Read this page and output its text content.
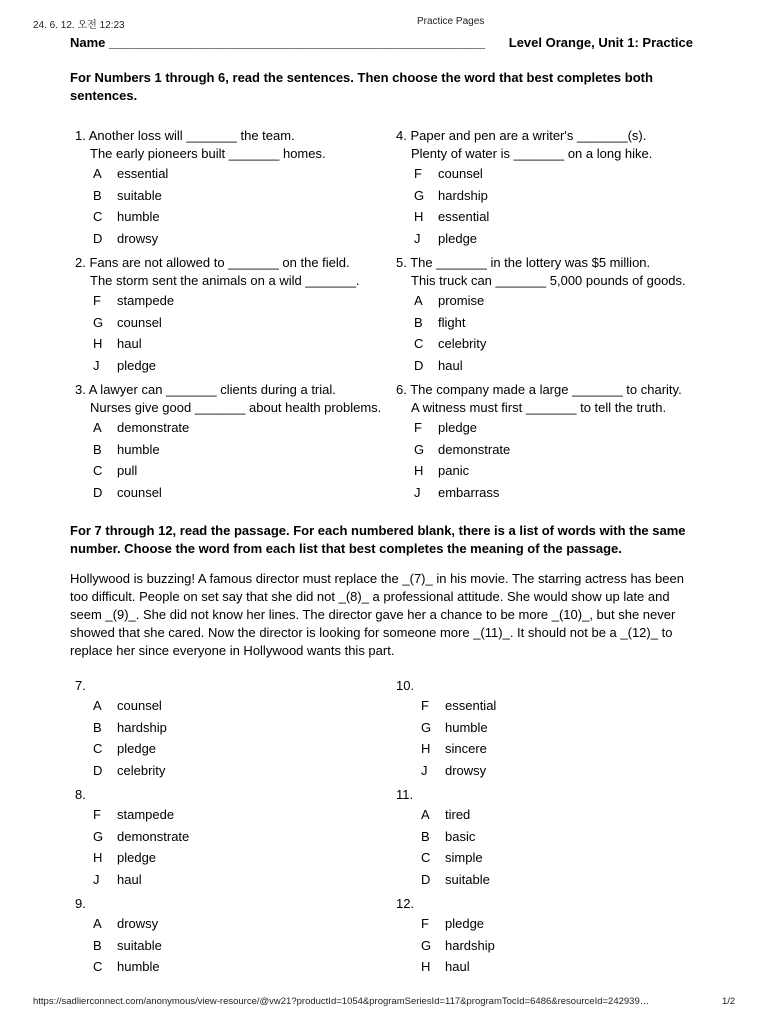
24. 6. 12. 오전 12:23	Practice Pages
Name ____________________________________________________	Level Orange, Unit 1: Practice
For Numbers 1 through 6, read the sentences. Then choose the word that best completes both sentences.
1. Another loss will _______ the team.
The early pioneers built _______ homes.
A essential
B suitable
C humble
D drowsy
2. Fans are not allowed to _______ on the field.
The storm sent the animals on a wild _______.
F stampede
G counsel
H haul
J pledge
3. A lawyer can _______ clients during a trial.
Nurses give good _______ about health problems.
A demonstrate
B humble
C pull
D counsel
4. Paper and pen are a writer's _______(s).
Plenty of water is _______ on a long hike.
F counsel
G hardship
H essential
J pledge
5. The _______ in the lottery was $5 million.
This truck can _______ 5,000 pounds of goods.
A promise
B flight
C celebrity
D haul
6. The company made a large _______ to charity.
A witness must first _______ to tell the truth.
F pledge
G demonstrate
H panic
J embarrass
For 7 through 12, read the passage. For each numbered blank, there is a list of words with the same number. Choose the word from each list that best completes the meaning of the passage.
Hollywood is buzzing! A famous director must replace the _(7)_ in his movie. The starring actress has been too difficult. People on set say that she did not _(8)_ a professional attitude. She would show up late and seem _(9)_. She did not know her lines. The director gave her a chance to be more _(10)_, but she never showed that she cared. Now the director is looking for someone more _(11)_. It should not be a _(12)_ to replace her since everyone in Hollywood wants this part.
7.
A counsel
B hardship
C pledge
D celebrity
8.
F stampede
G demonstrate
H pledge
J haul
9.
A drowsy
B suitable
C humble
10.
F essential
G humble
H sincere
J drowsy
11.
A tired
B basic
C simple
D suitable
12.
F pledge
G hardship
H haul
https://sadlierconnect.com/anonymous/view-resource/@vw21?productId=1054&programSeriesId=117&programTocId=6486&resourceId=242939…	1/2
